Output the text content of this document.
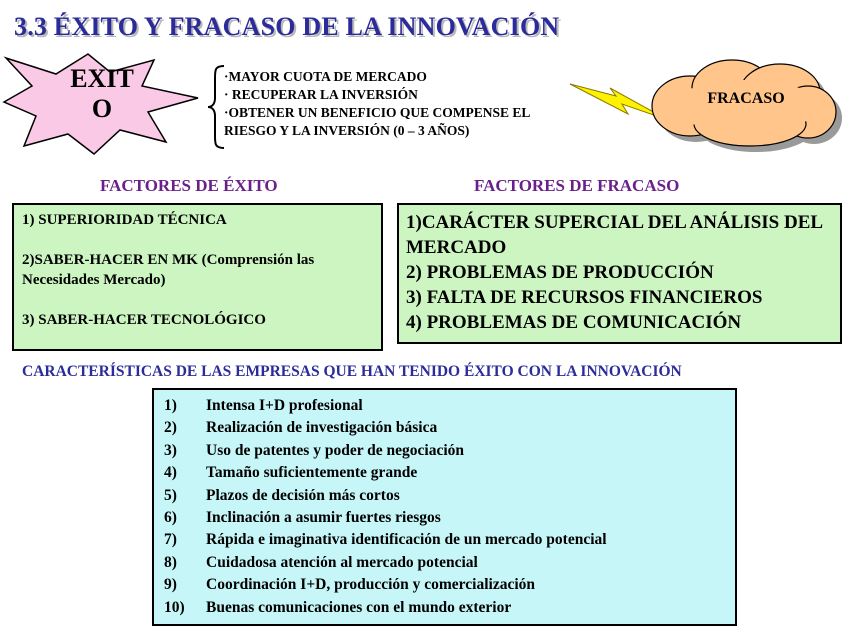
3.3 ÉXITO Y FRACASO DE LA INNOVACIÓN
EXIT
O
·MAYOR CUOTA DE MERCADO
· RECUPERAR LA INVERSIÓN
·OBTENER UN BENEFICIO QUE COMPENSE EL
RIESGO Y LA INVERSIÓN (0 – 3 AÑOS)
FRACASO
FACTORES DE ÉXITO	FACTORES DE FRACASO
1) SUPERIORIDAD TÉCNICA
2)SABER-HACER EN MK (Comprensión las Necesidades Mercado)
3) SABER-HACER TECNOLÓGICO
1)CARÁCTER SUPERCIAL DEL ANÁLISIS DEL MERCADO
2) PROBLEMAS DE PRODUCCIÓN
3) FALTA DE RECURSOS FINANCIEROS
4) PROBLEMAS DE COMUNICACIÓN
CARACTERÍSTICAS DE LAS EMPRESAS QUE HAN TENIDO ÉXITO CON LA INNOVACIÓN
1)	Intensa I+D profesional
2)	Realización de investigación básica
3)	Uso de patentes y poder de negociación
4)	Tamaño suficientemente grande
5)	Plazos de decisión más cortos
6)	Inclinación a asumir fuertes riesgos
7)	Rápida e imaginativa identificación de un mercado potencial
8)	Cuidadosa atención al mercado potencial
9)	Coordinación I+D, producción y comercialización
10)	Buenas comunicaciones con el mundo exterior
